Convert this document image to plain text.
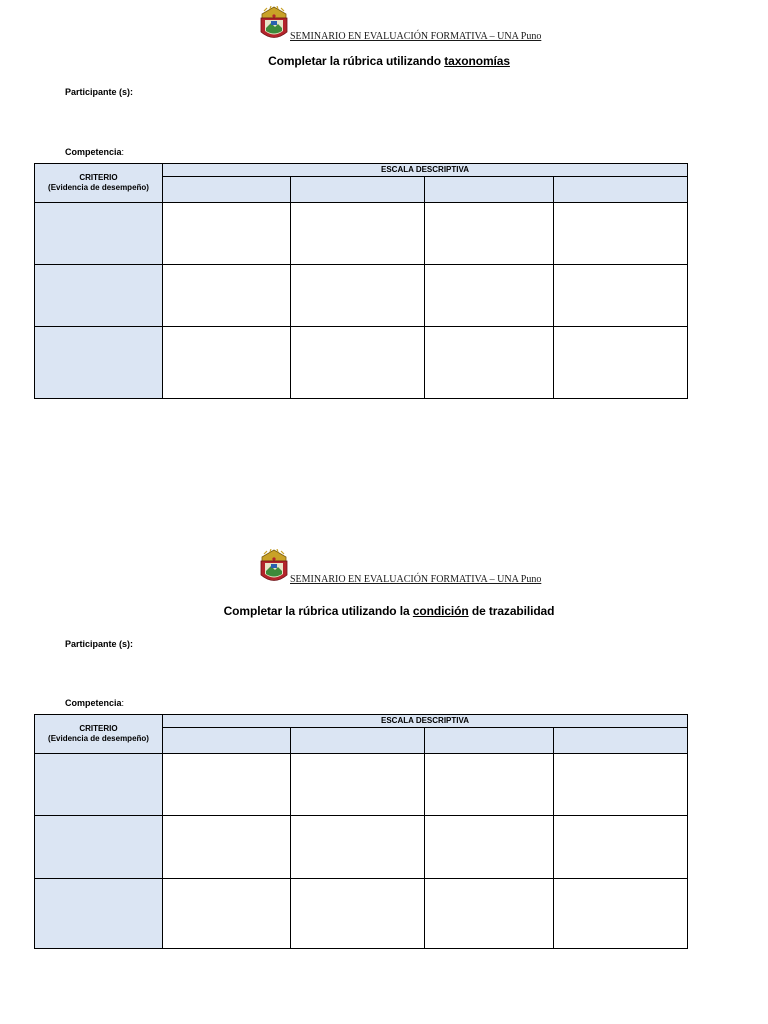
SEMINARIO EN EVALUACIÓN FORMATIVA – UNA Puno
Completar la rúbrica utilizando taxonomías
Participante (s):
Competencia:
CRITERIO
(Evidencia de desempeño)	ESCALA DESCRIPTIVA			

SEMINARIO EN EVALUACIÓN FORMATIVA – UNA Puno
Completar la rúbrica utilizando la condición de trazabilidad
Participante (s):
Competencia:
CRITERIO
(Evidencia de desempeño)	ESCALA DESCRIPTIVA			
